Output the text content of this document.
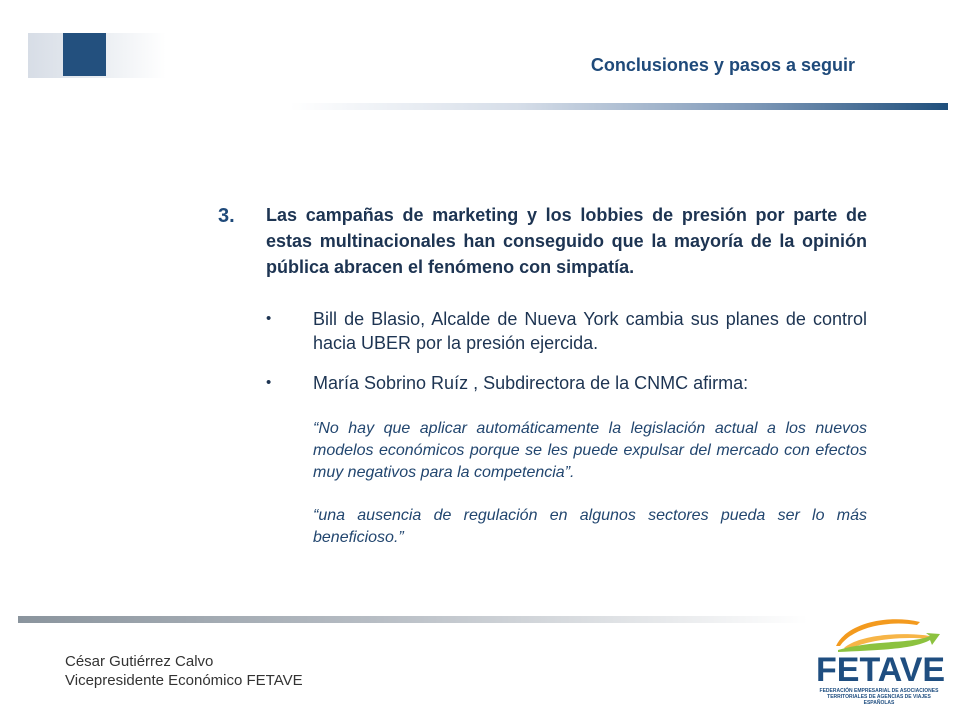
Conclusiones y pasos a seguir
3. Las campañas de marketing y los lobbies de presión por parte de estas multinacionales han conseguido que la mayoría de la opinión pública abracen el fenómeno con simpatía.
• Bill de Blasio, Alcalde de Nueva York cambia sus planes de control hacia UBER por la presión ejercida.
• María Sobrino Ruíz , Subdirectora de la CNMC afirma:
“No hay que aplicar automáticamente la legislación actual a los nuevos modelos económicos porque se les puede expulsar del mercado con efectos muy negativos para la competencia”.
“una ausencia de regulación en algunos sectores pueda ser lo más beneficioso.”
César Gutiérrez Calvo
Vicepresidente Económico FETAVE	FETAVE
FEDERACIÓN EMPRESARIAL DE ASOCIACIONES TERRITORIALES DE AGENCIAS DE VIAJES ESPAÑOLAS
